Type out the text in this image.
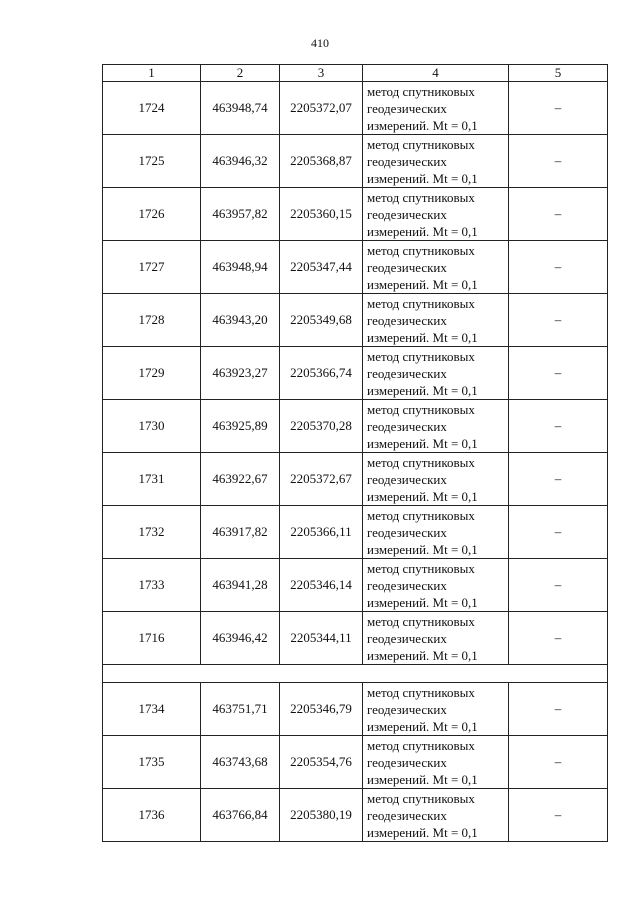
410
1	2	3	4	5
1724	463948,74	2205372,07	метод спутниковых
геодезических
измерений. Mt = 0,1	–
1725	463946,32	2205368,87	метод спутниковых
геодезических
измерений. Mt = 0,1	–
1726	463957,82	2205360,15	метод спутниковых
геодезических
измерений. Mt = 0,1	–
1727	463948,94	2205347,44	метод спутниковых
геодезических
измерений. Mt = 0,1	–
1728	463943,20	2205349,68	метод спутниковых
геодезических
измерений. Mt = 0,1	–
1729	463923,27	2205366,74	метод спутниковых
геодезических
измерений. Mt = 0,1	–
1730	463925,89	2205370,28	метод спутниковых
геодезических
измерений. Mt = 0,1	–
1731	463922,67	2205372,67	метод спутниковых
геодезических
измерений. Mt = 0,1	–
1732	463917,82	2205366,11	метод спутниковых
геодезических
измерений. Mt = 0,1	–
1733	463941,28	2205346,14	метод спутниковых
геодезических
измерений. Mt = 0,1	–
1716	463946,42	2205344,11	метод спутниковых
геодезических
измерений. Mt = 0,1	–

1734	463751,71	2205346,79	метод спутниковых
геодезических
измерений. Mt = 0,1	–
1735	463743,68	2205354,76	метод спутниковых
геодезических
измерений. Mt = 0,1	–
1736	463766,84	2205380,19	метод спутниковых
геодезических
измерений. Mt = 0,1	–
